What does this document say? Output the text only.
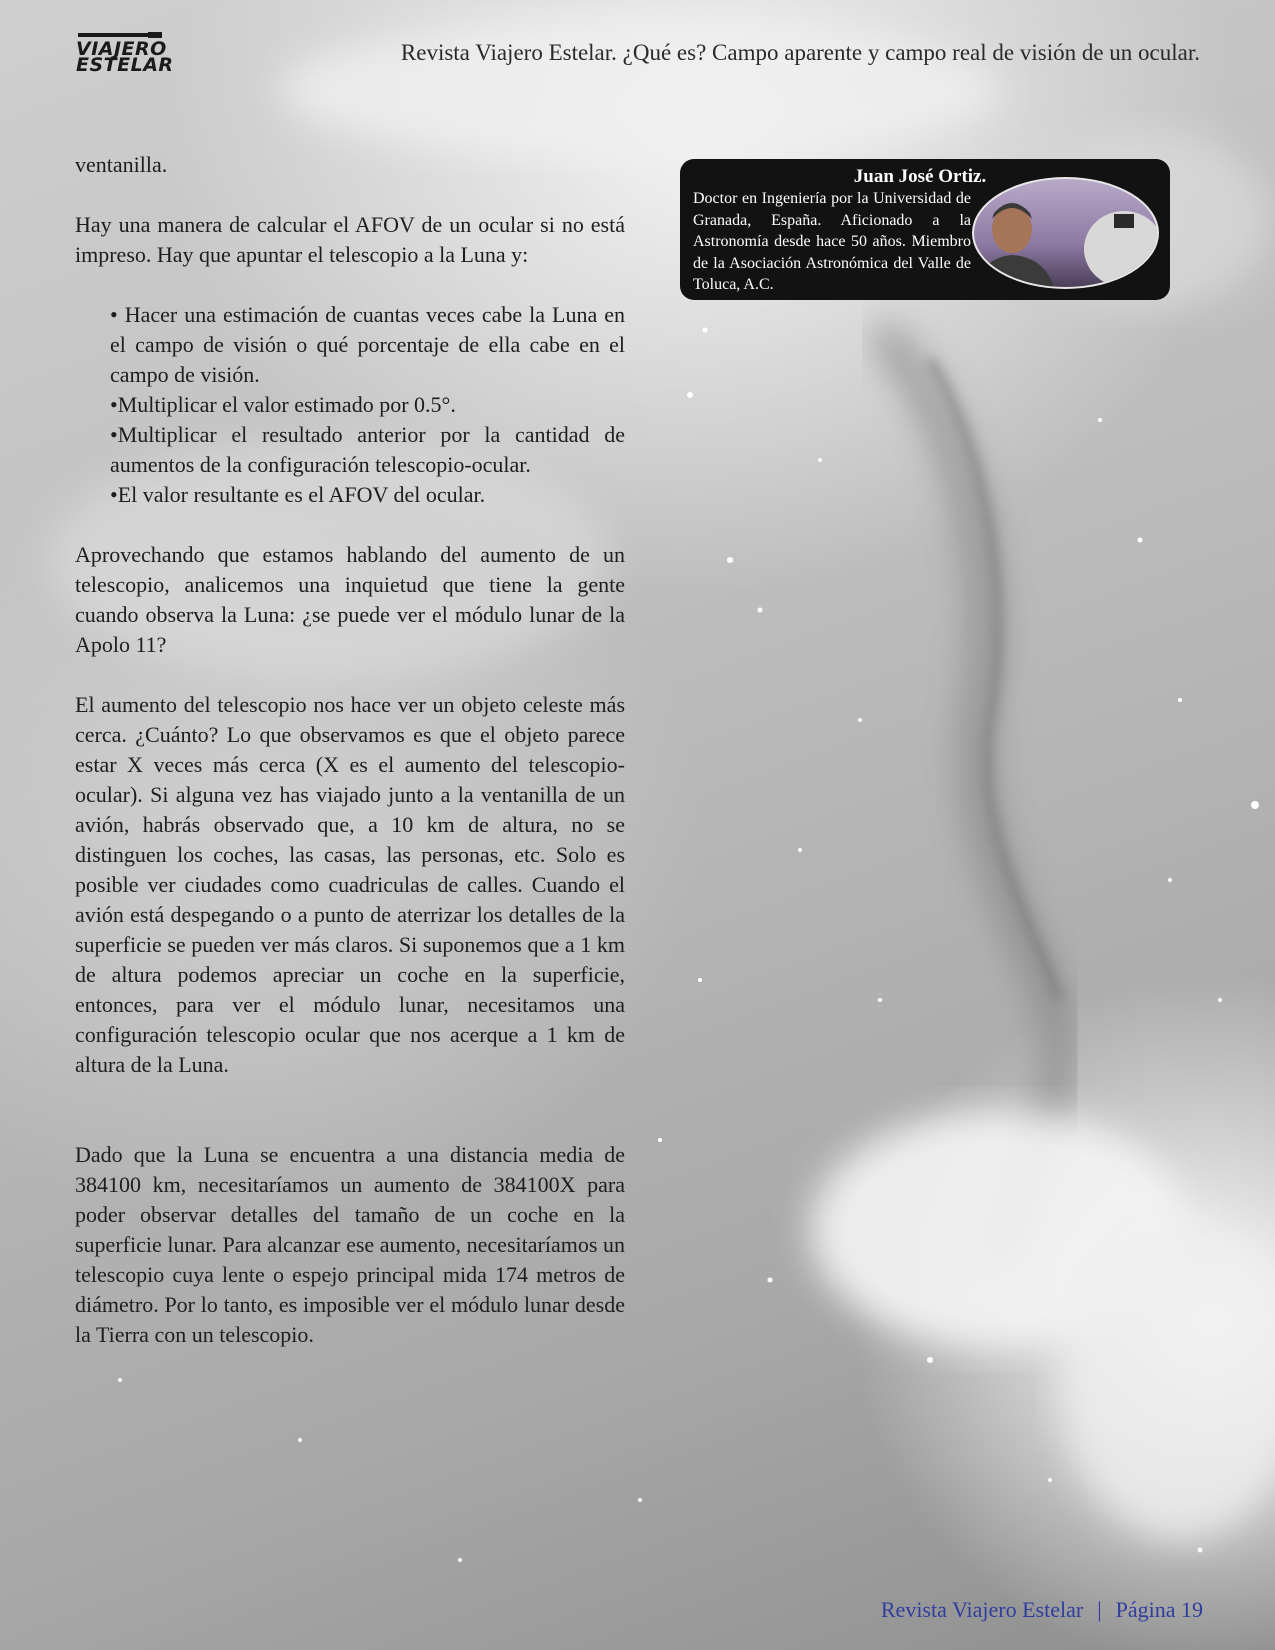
VIAJERO
ESTELAR	Revista Viajero Estelar. ¿Qué es? Campo aparente y campo real de visión de un ocular.
Juan José Ortiz.
Doctor en Ingeniería por la Universidad de Granada, España. Aficionado a la Astronomía desde hace 50 años. Miembro de la Asociación Astronómica del Valle de Toluca, A.C.

ventanilla.

Hay una manera de calcular el AFOV de un ocular si no está impreso. Hay que apuntar el telescopio a la Luna y:

• Hacer una estimación de cuantas veces cabe la Luna en el campo de visión o qué porcentaje de ella cabe en el campo de visión.

•Multiplicar el valor estimado por 0.5°.

•Multiplicar el resultado anterior por la cantidad de aumentos de la configuración telescopio-ocular.

•El valor resultante es el AFOV del ocular.

Aprovechando que estamos hablando del aumento de un telescopio, analicemos una inquietud que tiene la gente cuando observa la Luna: ¿se puede ver el módulo lunar de la Apolo 11?

El aumento del telescopio nos hace ver un objeto celeste más cerca. ¿Cuánto? Lo que observamos es que el objeto parece estar X veces más cerca (X es el aumento del telescopio-ocular). Si alguna vez has viajado junto a la ventanilla de un avión, habrás observado que, a 10 km de altura, no se distinguen los coches, las casas, las personas, etc. Solo es posible ver ciudades como cuadriculas de calles. Cuando el avión está despegando o a punto de aterrizar los detalles de la superficie se pueden ver más claros. Si suponemos que a 1 km de altura podemos apreciar un coche en la superficie, entonces, para ver el módulo lunar, necesitamos una configuración telescopio ocular que nos acerque a 1 km de altura de la Luna.

Dado que la Luna se encuentra a una distancia media de 384100 km, necesitaríamos un aumento de 384100X para poder observar detalles del tamaño de un coche en la superficie lunar. Para alcanzar ese aumento, necesitaríamos un telescopio cuya lente o espejo principal mida 174 metros de diámetro. Por lo tanto, es imposible ver el módulo lunar desde la Tierra con un telescopio.

Revista Viajero Estelar | Página 19
